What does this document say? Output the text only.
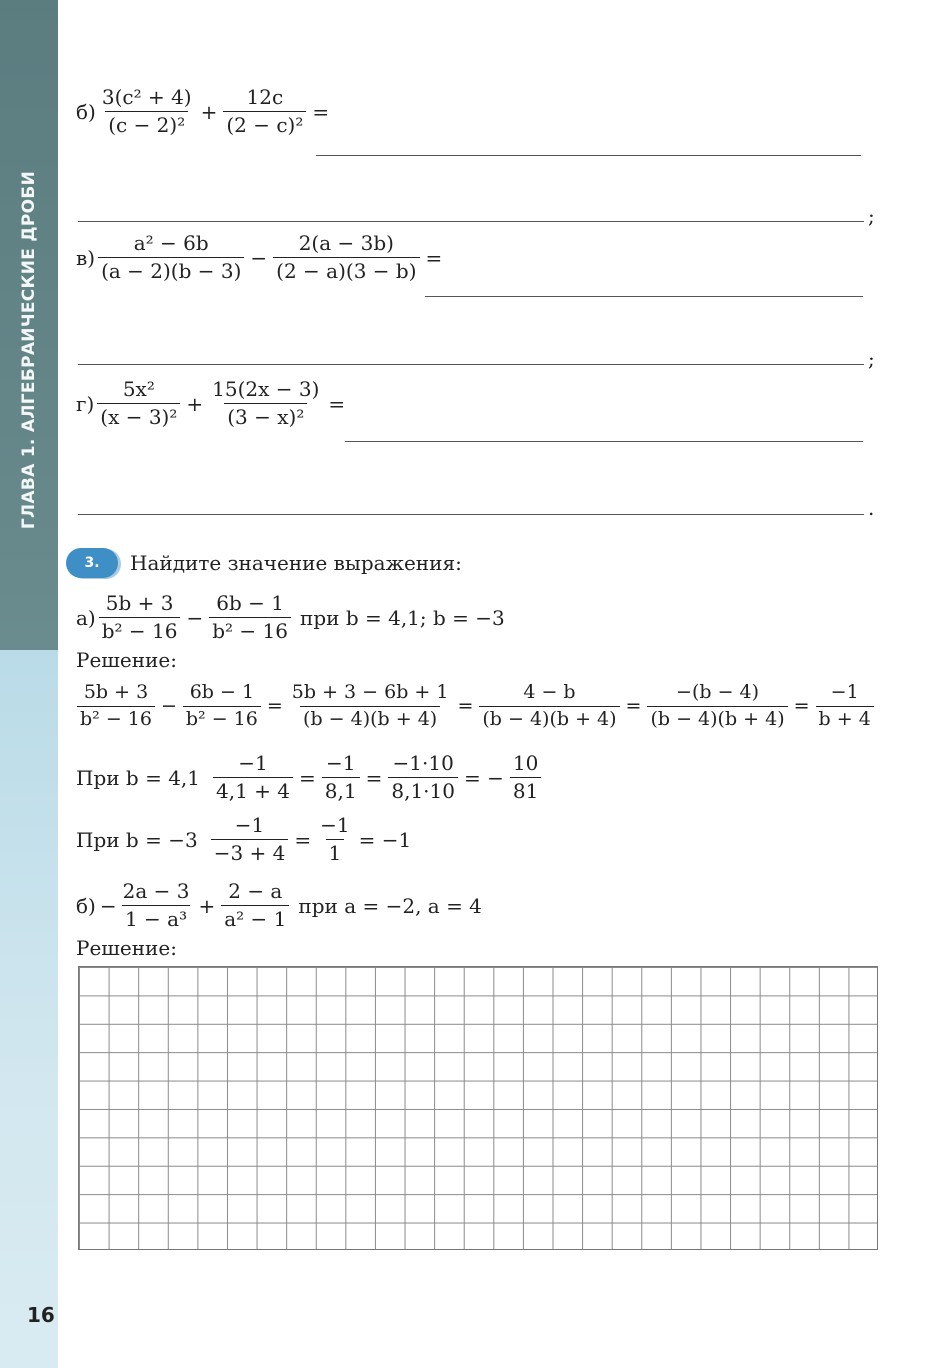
ГЛАВА 1. АЛГЕБРАИЧЕСКИЕ ДРОБИ
16
$б) \frac{\text{3(c² + 4)}}{\text{(c − 2)²}} + \frac{12c}{\text{(2 − c)²}}$ =
;
$в) \frac{\text{a² − 6b}}{(a - 2)(b - 3)} - \frac{2(a - 3b)}{(2 - a)(3 - b)}$ =
;
$г) \frac{\text{5x²}}{\text{(x − 3)²}} + \frac{15(2x - 3)}{\text{(3 − x)²}}$ =
.
3.	Найдите значение выражения:
$а) \frac{5b + 3}{\text{b² − 16}} - \frac{6b - 1}{\text{b² − 16}}$ при b = 4,1; b = −3
Решение:
$\frac{5b + 3}{\text{b² − 16}} - \frac{6b - 1}{\text{b² − 16}} = \frac{5b + 3 - 6b + 1}{(b - 4)(b + 4)} = \frac{4 - b}{(b - 4)(b + 4)} = \frac{-(b - 4)}{(b - 4)(b + 4)} = \frac{-1}{b + 4}$
При $b = 4,1 \frac{-1}{4,1 + 4} = \frac{-1}{8,1} = \frac{-1\cdot 10}{8,1\cdot 10}$ = − $\frac{10}{81}$
При $b = -3 \frac{-1}{-3 + 4} = \frac{-1}{1} = -1$
$б) - \frac{2a - 3}{\text{1 − a³}} + \frac{2 - a}{\text{a² − 1}}$ при a = −2, a = 4
Решение:
